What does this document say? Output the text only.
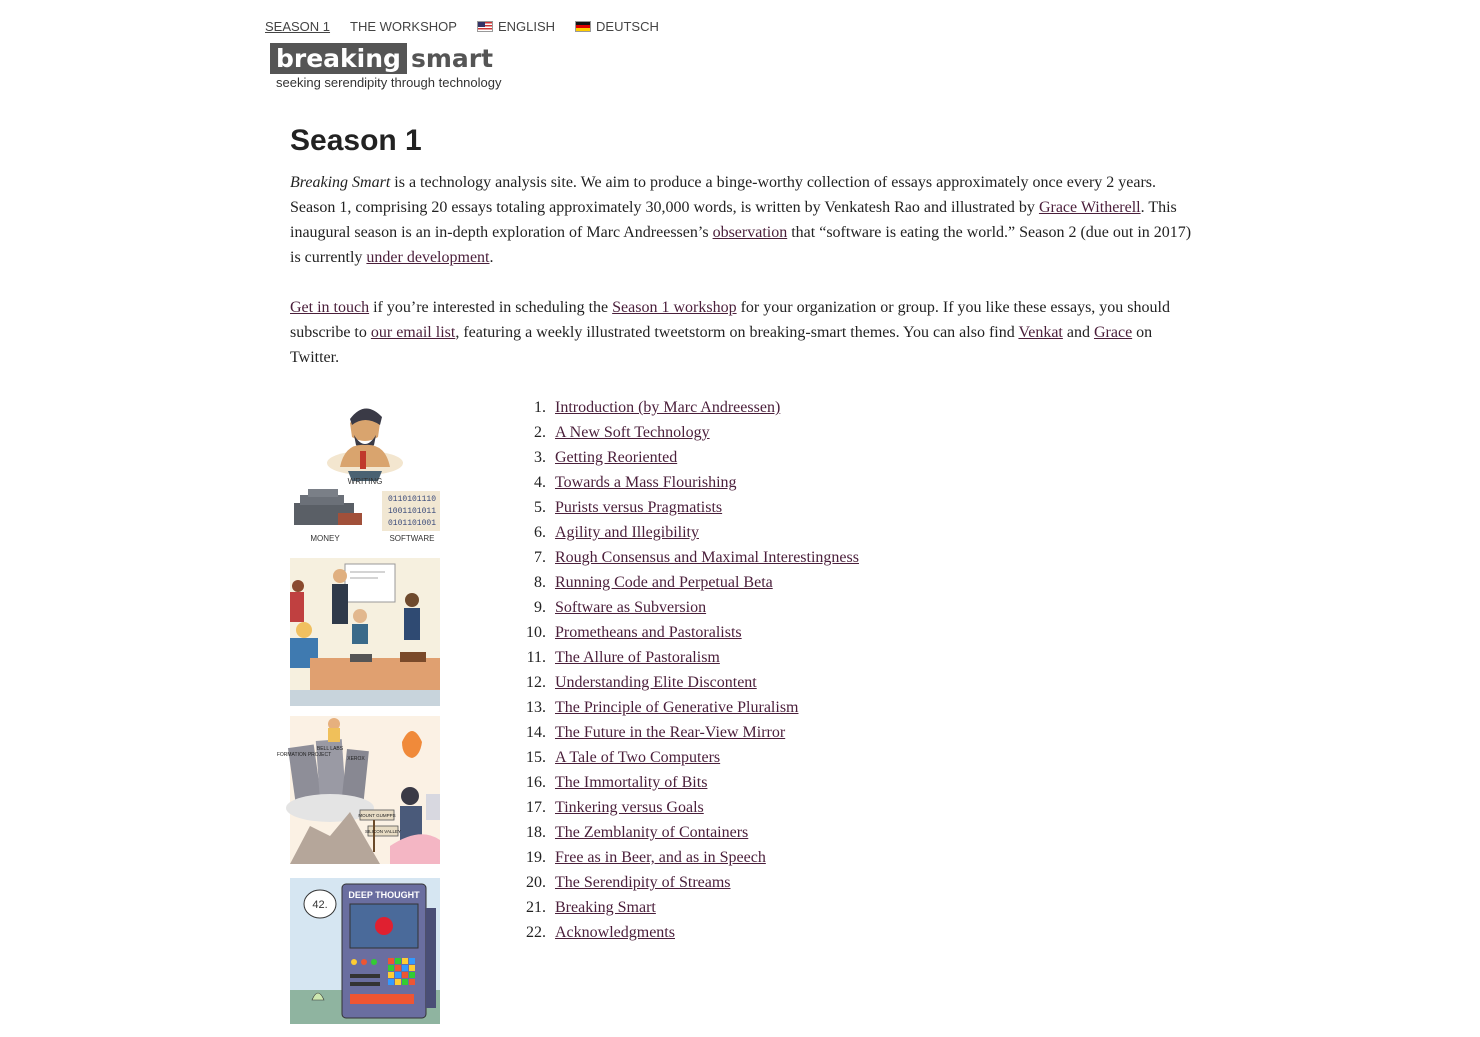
SEASON 1 THE WORKSHOP	ENGLISH	DEUTSCH
breaking smart
seeking serendipity through technology
Season 1

Breaking Smart is a technology analysis site. We aim to produce a binge-worthy collection of essays approximately once every 2 years. Season 1, comprising 20 essays totaling approximately 30,000 words, is written by Venkatesh Rao and illustrated by Grace Witherell. This inaugural season is an in-depth exploration of Marc Andreessen’s observation that “software is eating the world.” Season 2 (due out in 2017) is currently under development.

Get in touch if you’re interested in scheduling the Season 1 workshop for your organization or group. If you like these essays, you should subscribe to our email list, featuring a weekly illustrated tweetstorm on breaking-smart themes. You can also find Venkat and Grace on Twitter.

WRITING
MONEY
0110101110
1001101011
0101101001
SOFTWARE
FORMATION PROJECT
BELL LABS
XEROX
MOUNT GUMPPS
SILICON VALLEY
42.
DEEP THOUGHT
1. Introduction (by Marc Andreessen)
2. A New Soft Technology
3. Getting Reoriented
4. Towards a Mass Flourishing
5. Purists versus Pragmatists
6. Agility and Illegibility
7. Rough Consensus and Maximal Interestingness
8. Running Code and Perpetual Beta
9. Software as Subversion
10. Prometheans and Pastoralists
11. The Allure of Pastoralism
12. Understanding Elite Discontent
13. The Principle of Generative Pluralism
14. The Future in the Rear-View Mirror
15. A Tale of Two Computers
16. The Immortality of Bits
17. Tinkering versus Goals
18. The Zemblanity of Containers
19. Free as in Beer, and as in Speech
20. The Serendipity of Streams
21. Breaking Smart
22. Acknowledgments
